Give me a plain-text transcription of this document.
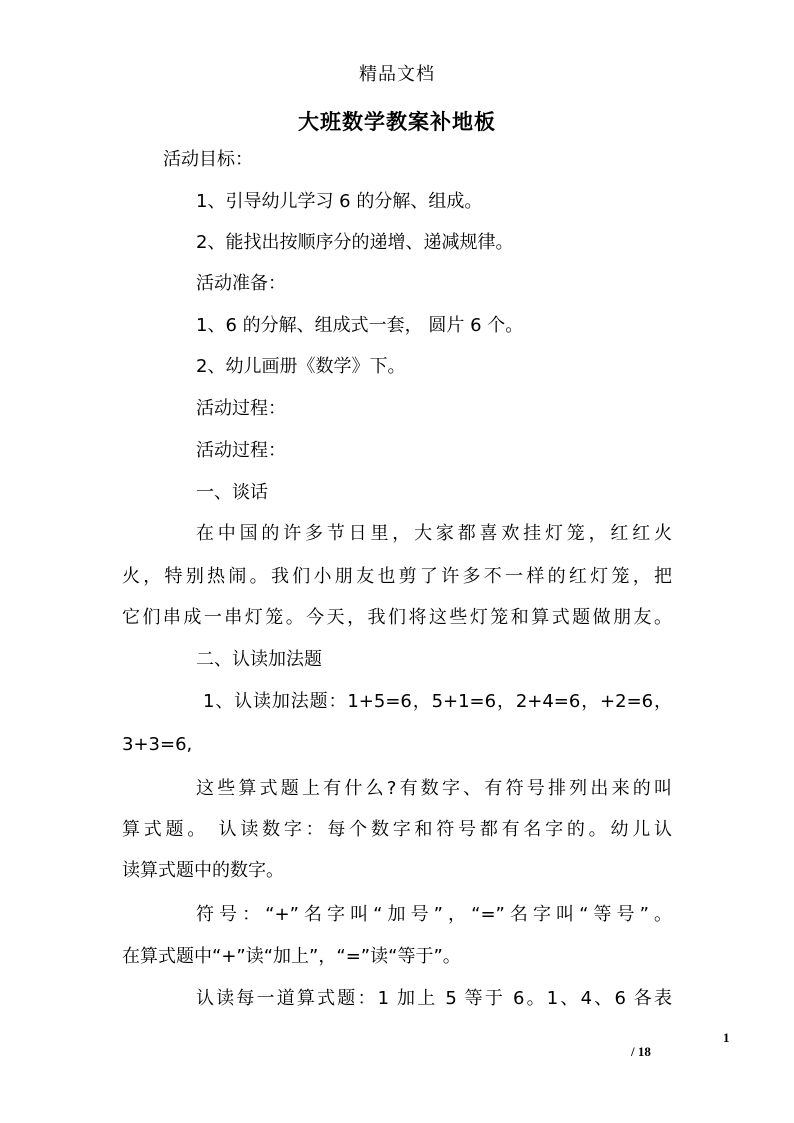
精品文档
大班数学教案补地板
活动目标：
1、引导幼儿学习 6 的分解、组成。
2、能找出按顺序分的递增、递减规律。
活动准备：
1、6 的分解、组成式一套， 圆片 6 个。
2、幼儿画册《数学》下。
活动过程：
活动过程：
一、谈话
在中国的许多节日里，大家都喜欢挂灯笼，红红火
火，特别热闹。我们小朋友也剪了许多不一样的红灯笼，把
它们串成一串灯笼。今天，我们将这些灯笼和算式题做朋友。
二、认读加法题
1、认读加法题：1+5=6，5+1=6，2+4=6，+2=6，
3+3=6,
这些算式题上有什么?有数字、有符号排列出来的叫
算式题。 认读数字：每个数字和符号都有名字的。幼儿认
读算式题中的数字。
符号：“+”名字叫“加号”，“=”名字叫“等号”。
在算式题中“+”读“加上”，“=”读“等于”。
认读每一道算式题：1 加上 5 等于 6。1、4、6 各表
1
/ 18
